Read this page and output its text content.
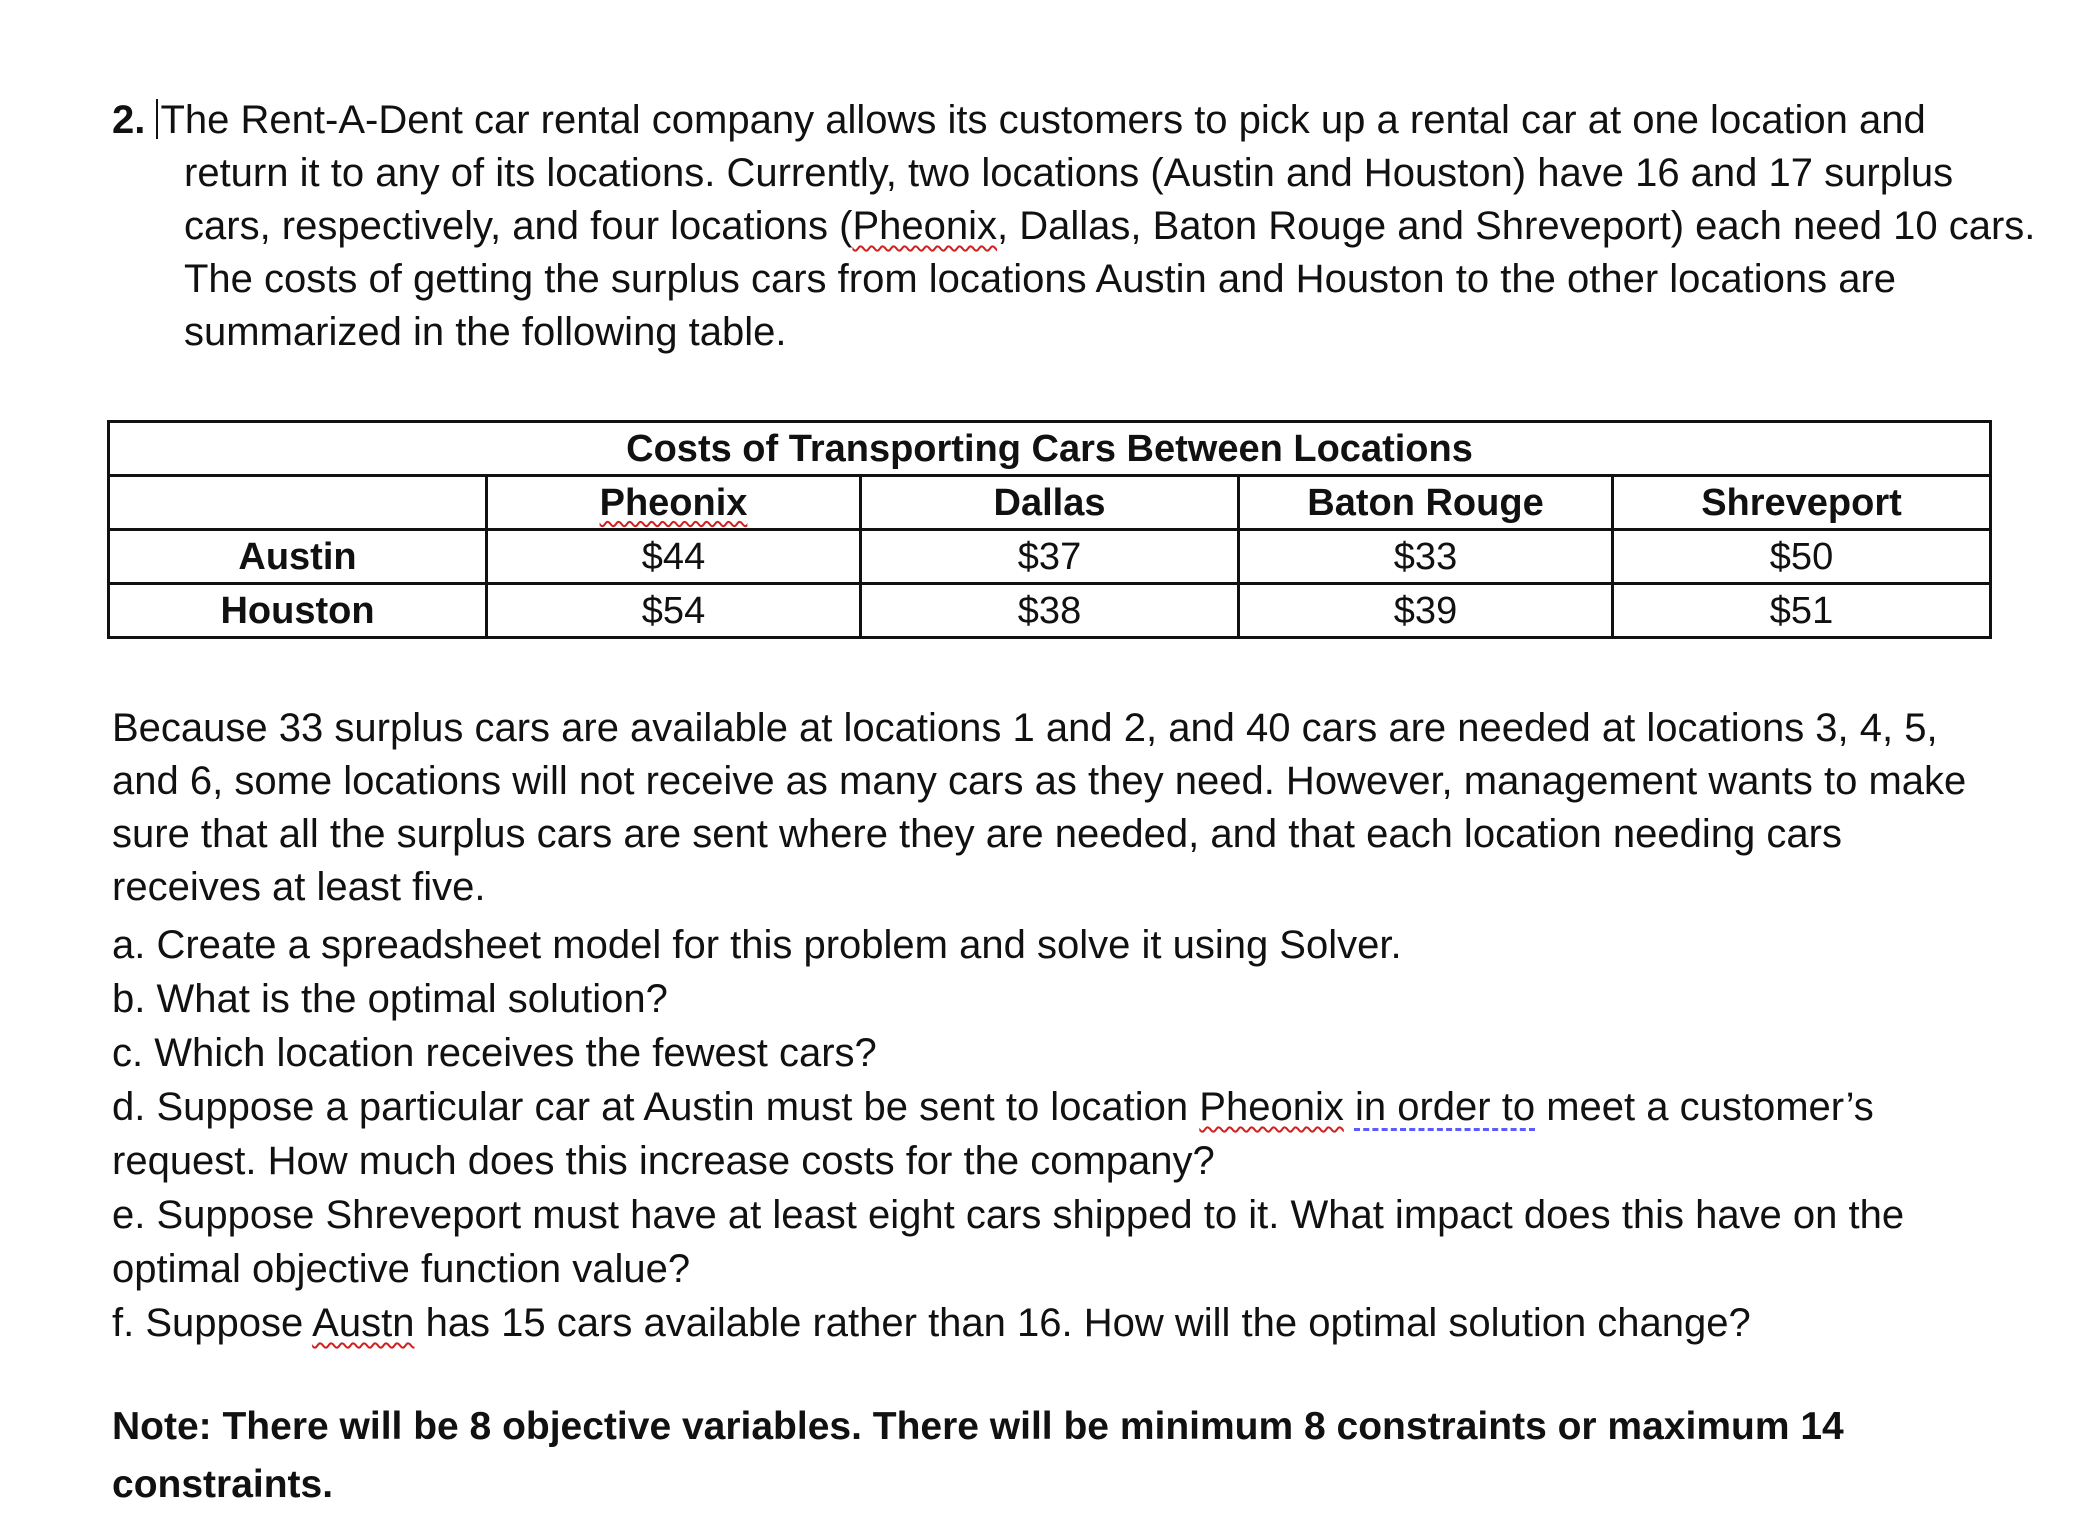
2. The Rent-A-Dent car rental company allows its customers to pick up a rental car at one location and
return it to any of its locations. Currently, two locations (Austin and Houston) have 16 and 17 surplus
cars, respectively, and four locations (Pheonix, Dallas, Baton Rouge and Shreveport) each need 10 cars.
The costs of getting the surplus cars from locations Austin and Houston to the other locations are
summarized in the following table.
Costs of Transporting Cars Between Locations				
	Pheonix	Dallas	Baton Rouge	Shreveport
Austin	$44	$37	$33	$50
Houston	$54	$38	$39	$51
Because 33 surplus cars are available at locations 1 and 2, and 40 cars are needed at locations 3, 4, 5,
and 6, some locations will not receive as many cars as they need. However, management wants to make
sure that all the surplus cars are sent where they are needed, and that each location needing cars
receives at least five.
a. Create a spreadsheet model for this problem and solve it using Solver.
b. What is the optimal solution?
c. Which location receives the fewest cars?
d. Suppose a particular car at Austin must be sent to location Pheonix in order to meet a customer’s
request. How much does this increase costs for the company?
e. Suppose Shreveport must have at least eight cars shipped to it. What impact does this have on the
optimal objective function value?
f. Suppose Austn has 15 cars available rather than 16. How will the optimal solution change?
Note: There will be 8 objective variables. There will be minimum 8 constraints or maximum 14
constraints.
